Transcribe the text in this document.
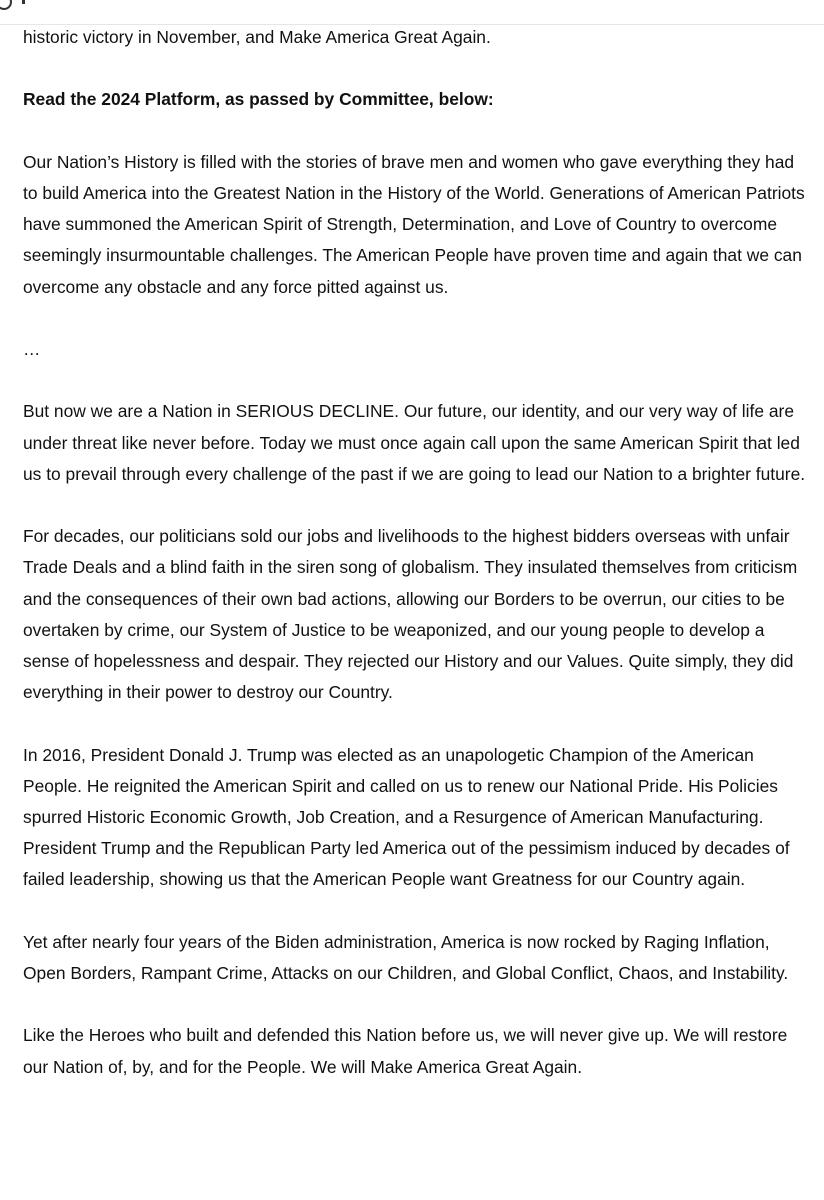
historic victory in November, and Make America Great Again.

Read the 2024 Platform, as passed by Committee, below:

Our Nation’s History is filled with the stories of brave men and women who gave everything they had to build America into the Greatest Nation in the History of the World. Generations of American Patriots have summoned the American Spirit of Strength, Determination, and Love of Country to overcome seemingly insurmountable challenges. The American People have proven time and again that we can overcome any obstacle and any force pitted against us.

…

But now we are a Nation in SERIOUS DECLINE. Our future, our identity, and our very way of life are under threat like never before. Today we must once again call upon the same American Spirit that led us to prevail through every challenge of the past if we are going to lead our Nation to a brighter future.

For decades, our politicians sold our jobs and livelihoods to the highest bidders overseas with unfair Trade Deals and a blind faith in the siren song of globalism. They insulated themselves from criticism and the consequences of their own bad actions, allowing our Borders to be overrun, our cities to be overtaken by crime, our System of Justice to be weaponized, and our young people to develop a sense of hopelessness and despair. They rejected our History and our Values. Quite simply, they did everything in their power to destroy our Country.

In 2016, President Donald J. Trump was elected as an unapologetic Champion of the American People. He reignited the American Spirit and called on us to renew our National Pride. His Policies spurred Historic Economic Growth, Job Creation, and a Resurgence of American Manufacturing. President Trump and the Republican Party led America out of the pessimism induced by decades of failed leadership, showing us that the American People want Greatness for our Country again.

Yet after nearly four years of the Biden administration, America is now rocked by Raging Inflation, Open Borders, Rampant Crime, Attacks on our Children, and Global Conflict, Chaos, and Instability.

Like the Heroes who built and defended this Nation before us, we will never give up. We will restore our Nation of, by, and for the People. We will Make America Great Again.
